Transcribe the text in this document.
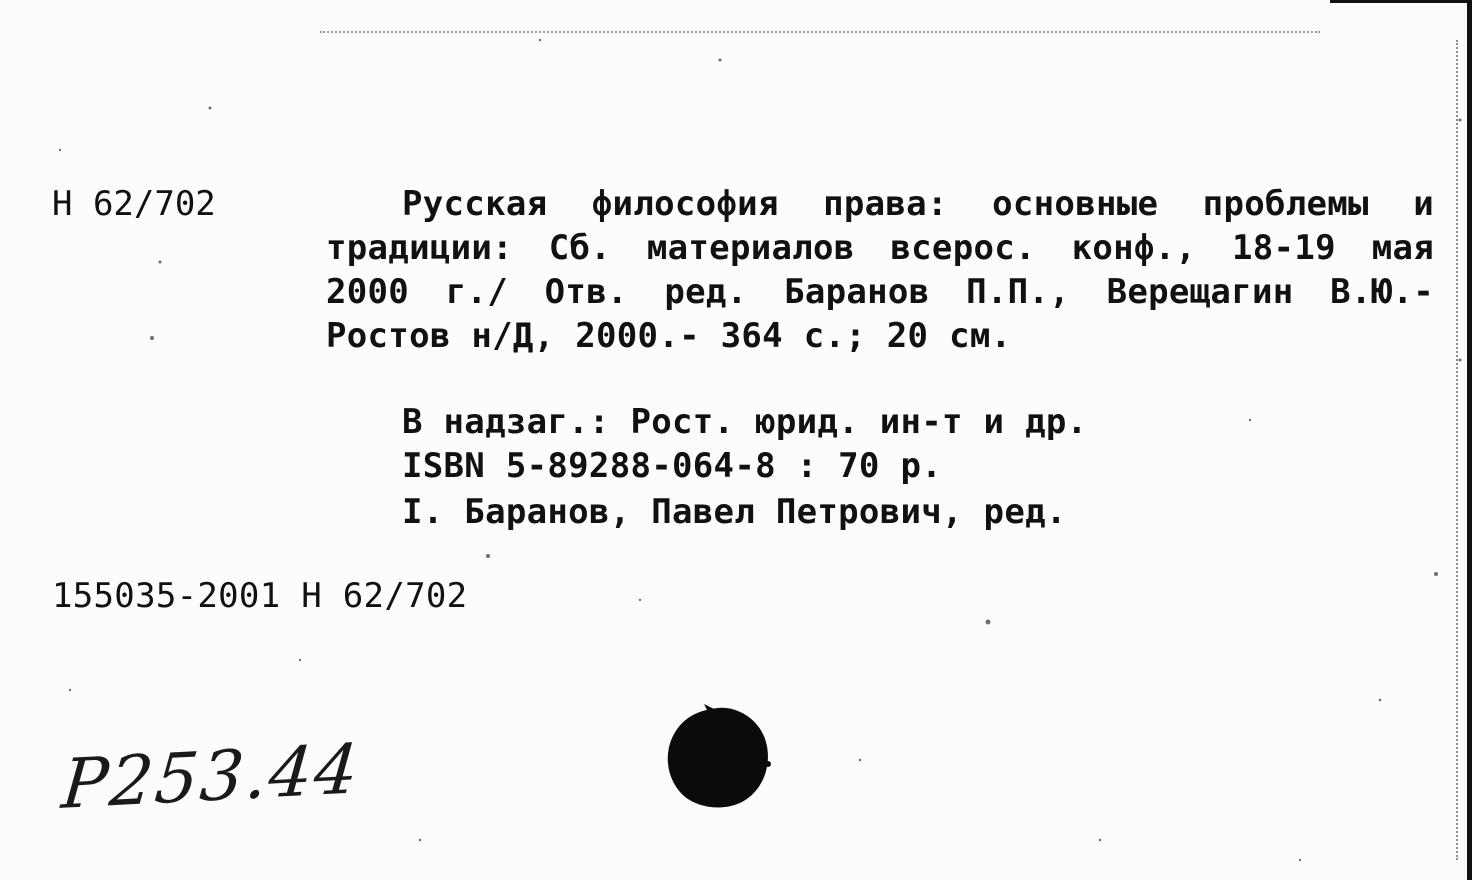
Н 62/702	Русская философия права: основные проблемы и традиции: Сб. материалов всерос. конф., 18-19 мая 2000 г./ Отв. ред. Баранов П.П., Верещагин В.Ю.- Ростов н/Д, 2000.- 364 с.; 20 см.
В надзаг.: Рост. юрид. ин-т и др.
ISBN 5-89288-064-8 : 70 р.
I. Баранов, Павел Петрович, ред.
155035-2001 Н 62/702
Р253.44
